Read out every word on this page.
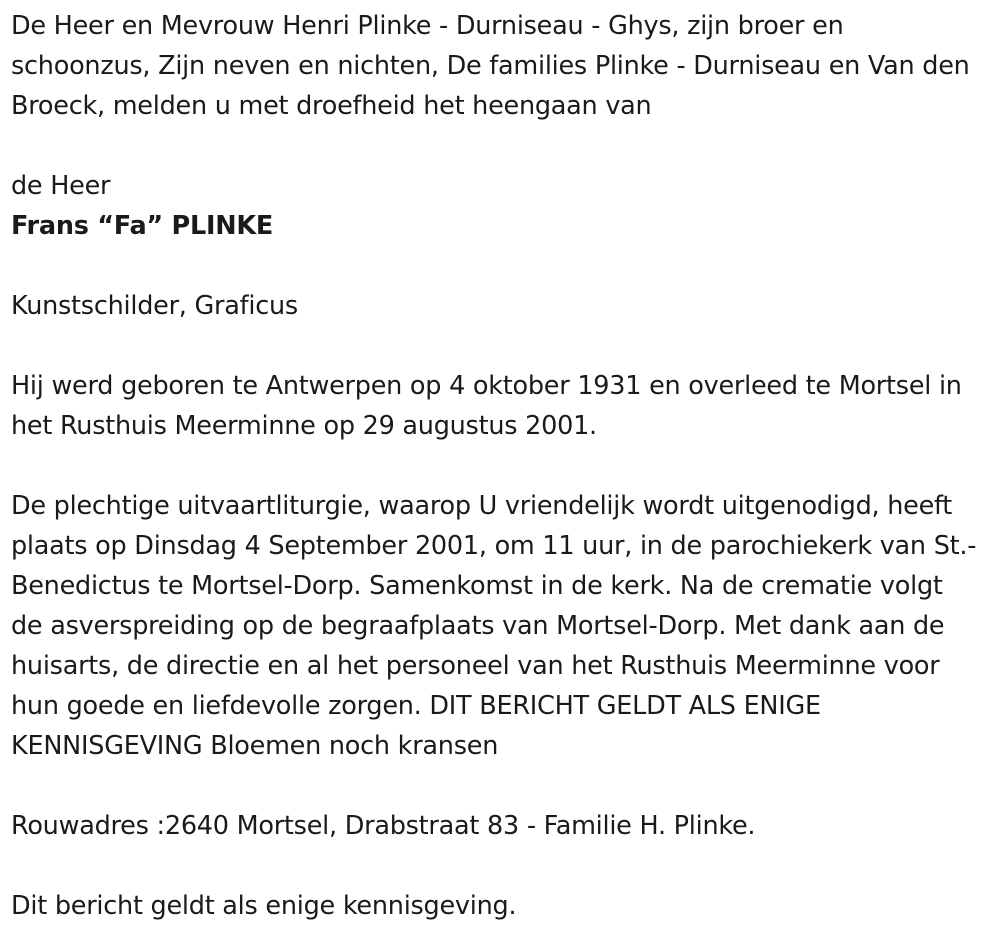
De Heer en Mevrouw Henri Plinke - Durniseau - Ghys, zijn broer en schoonzus, Zijn neven en nichten, De families Plinke - Durniseau en Van den Broeck, melden u met droefheid het heengaan van

de Heer

Frans “Fa” PLINKE

Kunstschilder, Graficus

Hij werd geboren te Antwerpen op 4 oktober 1931 en overleed te Mortsel in het Rusthuis Meerminne op 29 augustus 2001.

De plechtige uitvaartliturgie, waarop U vriendelijk wordt uitgenodigd, heeft plaats op Dinsdag 4 September 2001, om 11 uur, in de parochiekerk van St.-Benedictus te Mortsel-Dorp. Samenkomst in de kerk. Na de crematie volgt de asverspreiding op de begraafplaats van Mortsel-Dorp. Met dank aan de huisarts, de directie en al het personeel van het Rusthuis Meerminne voor hun goede en liefdevolle zorgen. DIT BERICHT GELDT ALS ENIGE KENNISGEVING Bloemen noch kransen

Rouwadres :2640 Mortsel, Drabstraat 83 - Familie H. Plinke.

Dit bericht geldt als enige kennisgeving.
